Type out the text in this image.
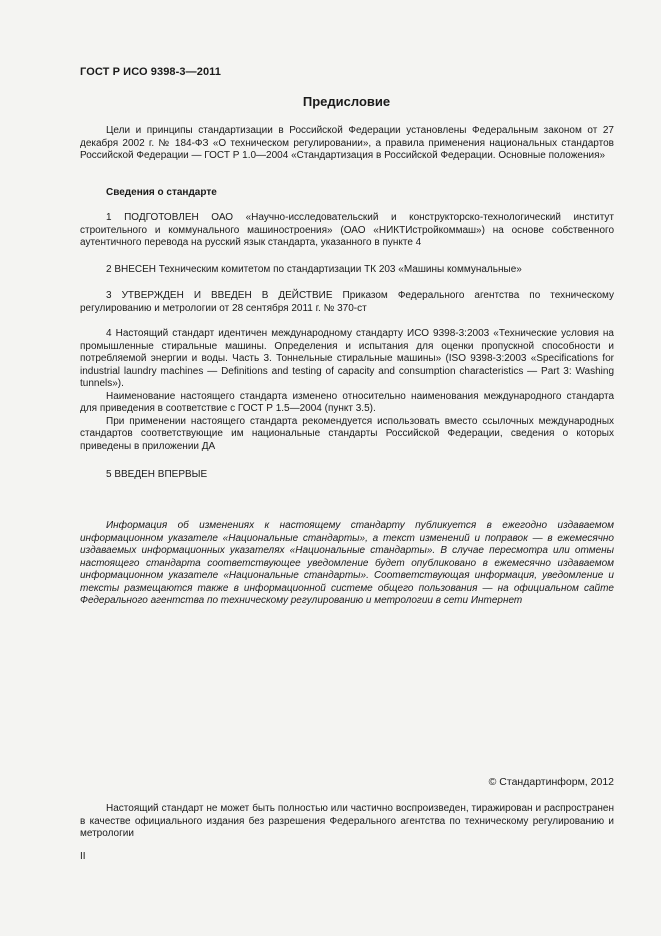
ГОСТ Р ИСО 9398-3—2011
Предисловие

Цели и принципы стандартизации в Российской Федерации установлены Федеральным законом от 27 декабря 2002 г. № 184-ФЗ «О техническом регулировании», а правила применения национальных стандартов Российской Федерации — ГОСТ Р 1.0—2004 «Стандартизация в Российской Федерации. Основные положения»

Сведения о стандарте

1 ПОДГОТОВЛЕН ОАО «Научно-исследовательский и конструкторско-технологический институт строительного и коммунального машиностроения» (ОАО «НИКТИстройкоммаш») на основе собственного аутентичного перевода на русский язык стандарта, указанного в пункте 4

2 ВНЕСЕН Техническим комитетом по стандартизации ТК 203 «Машины коммунальные»

3 УТВЕРЖДЕН И ВВЕДЕН В ДЕЙСТВИЕ Приказом Федерального агентства по техническому регулированию и метрологии от 28 сентября 2011 г. № 370-ст

4 Настоящий стандарт идентичен международному стандарту ИСО 9398-3:2003 «Технические условия на промышленные стиральные машины. Определения и испытания для оценки пропускной способности и потребляемой энергии и воды. Часть 3. Тоннельные стиральные машины» (ISO 9398-3:2003 «Specifications for industrial laundry machines — Definitions and testing of capacity and consumption characteristics — Part 3: Washing tunnels»).

Наименование настоящего стандарта изменено относительно наименования международного стандарта для приведения в соответствие с ГОСТ Р 1.5—2004 (пункт 3.5).

При применении настоящего стандарта рекомендуется использовать вместо ссылочных международных стандартов соответствующие им национальные стандарты Российской Федерации, сведения о которых приведены в приложении ДА

5 ВВЕДЕН ВПЕРВЫЕ

Информация об изменениях к настоящему стандарту публикуется в ежегодно издаваемом информационном указателе «Национальные стандарты», а текст изменений и поправок — в ежемесячно издаваемых информационных указателях «Национальные стандарты». В случае пересмотра или отмены настоящего стандарта соответствующее уведомление будет опубликовано в ежемесячно издаваемом информационном указателе «Национальные стандарты». Соответствующая информация, уведомление и тексты размещаются также в информационной системе общего пользования — на официальном сайте Федерального агентства по техническому регулированию и метрологии в сети Интернет

© Стандартинформ, 2012

Настоящий стандарт не может быть полностью или частично воспроизведен, тиражирован и распространен в качестве официального издания без разрешения Федерального агентства по техническому регулированию и метрологии

II
